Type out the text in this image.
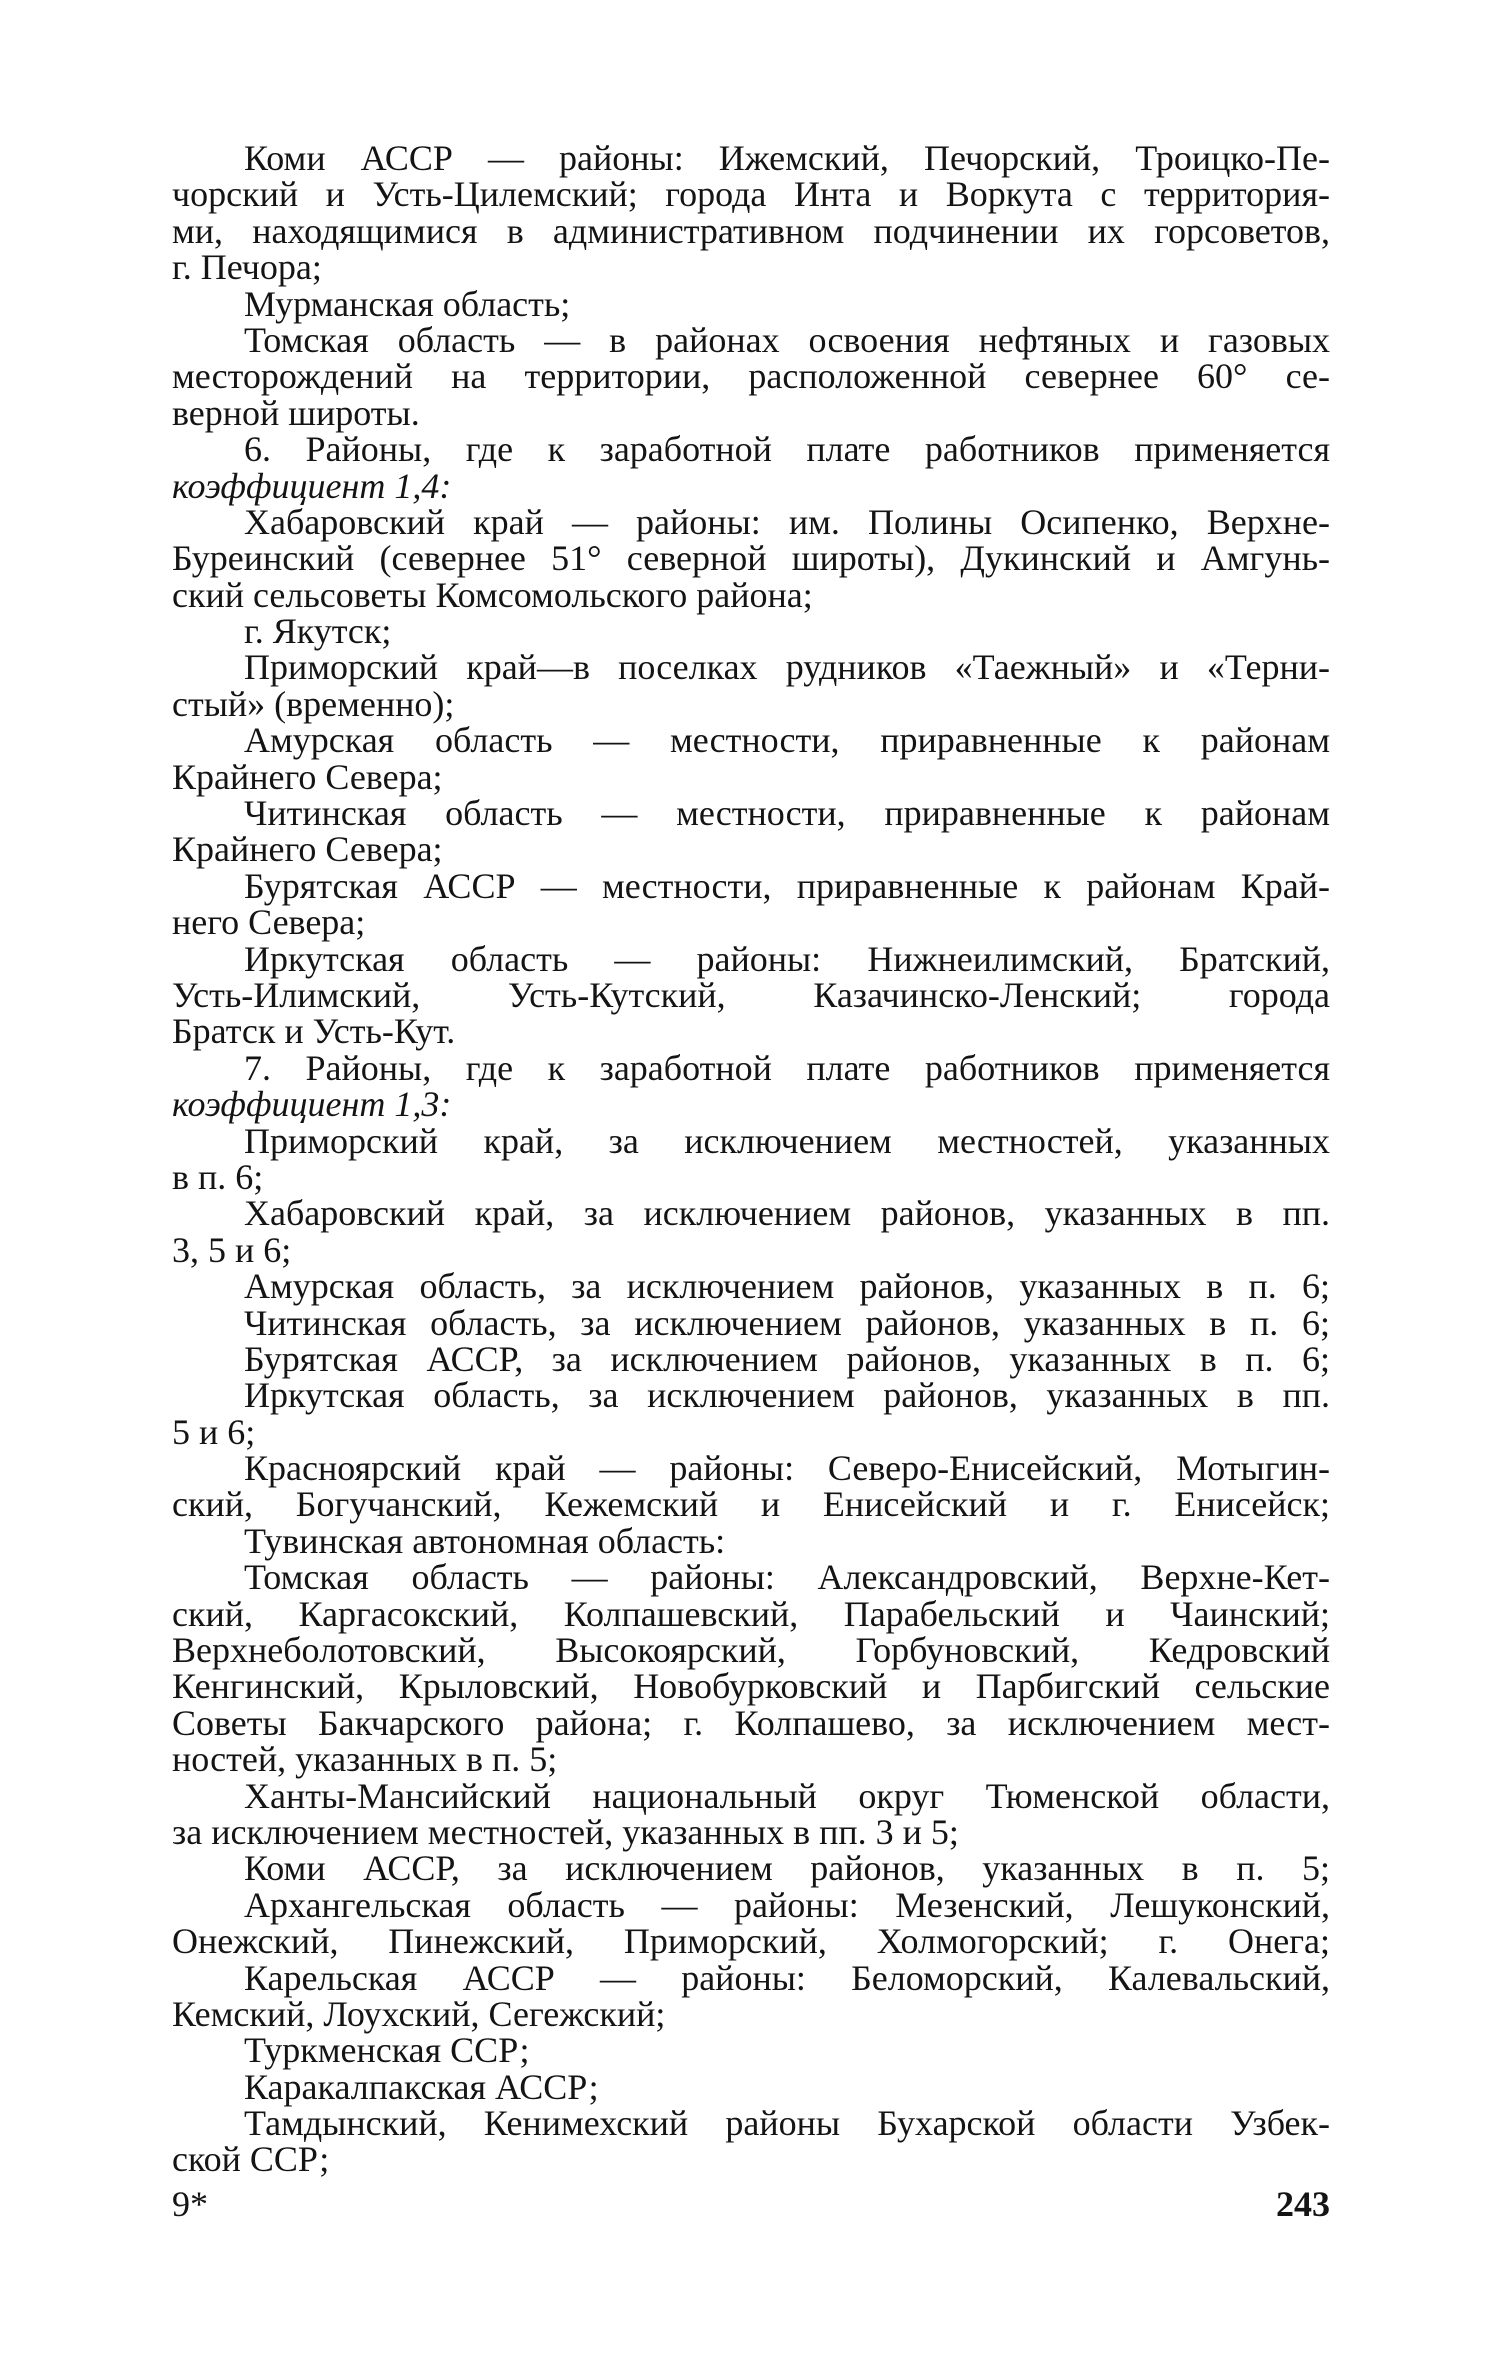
Коми АССР — районы: Ижемский, Печорский, Троицко-Пе-
чорский и Усть-Цилемский; города Инта и Воркута с территория-
ми, находящимися в административном подчинении их горсоветов,
г. Печора;
Мурманская область;
Томская область — в районах освоения нефтяных и газовых
месторождений на территории, расположенной севернее 60° се-
верной широты.
6. Районы, где к заработной плате работников применяется
коэффициент 1,4:
Хабаровский край — районы: им. Полины Осипенко, Верхне-
Буреинский (севернее 51° северной широты), Дукинский и Амгунь-
ский сельсоветы Комсомольского района;
г. Якутск;
Приморский край—в поселках рудников «Таежный» и «Терни-
стый» (временно);
Амурская область — местности, приравненные к районам
Крайнего Севера;
Читинская область — местности, приравненные к районам
Крайнего Севера;
Бурятская АССР — местности, приравненные к районам Край-
него Севера;
Иркутская область — районы: Нижнеилимский, Братский,
Усть-Илимский, Усть-Кутский, Казачинско-Ленский; города
Братск и Усть-Кут.
7. Районы, где к заработной плате работников применяется
коэффициент 1,3:
Приморский край, за исключением местностей, указанных
в п. 6;
Хабаровский край, за исключением районов, указанных в пп.
3, 5 и 6;
Амурская область, за исключением районов, указанных в п. 6;
Читинская область, за исключением районов, указанных в п. 6;
Бурятская АССР, за исключением районов, указанных в п. 6;
Иркутская область, за исключением районов, указанных в пп.
5 и 6;
Красноярский край — районы: Северо-Енисейский, Мотыгин-
ский, Богучанский, Кежемский и Енисейский и г. Енисейск;
Тувинская автономная область:
Томская область — районы: Александровский, Верхне-Кет-
ский, Каргасокский, Колпашевский, Парабельский и Чаинский;
Верхнеболотовский, Высокоярский, Горбуновский, Кедровский
Кенгинский, Крыловский, Новобурковский и Парбигский сельские
Советы Бакчарского района; г. Колпашево, за исключением мест-
ностей, указанных в п. 5;
Ханты-Мансийский национальный округ Тюменской области,
за исключением местностей, указанных в пп. 3 и 5;
Коми АССР, за исключением районов, указанных в п. 5;
Архангельская область — районы: Мезенский, Лешуконский,
Онежский, Пинежский, Приморский, Холмогорский; г. Онега;
Карельская АССР — районы: Беломорский, Калевальский,
Кемский, Лоухский, Сегежский;
Туркменская ССР;
Каракалпакская АССР;
Тамдынский, Кенимехский районы Бухарской области Узбек-
ской ССР;
9*	243
